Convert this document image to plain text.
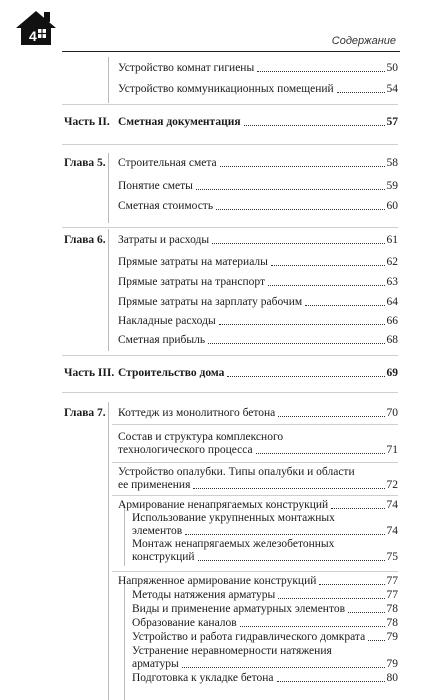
4	Содержание
Устройство комнат гигиены	50
Устройство коммуникационных помещений	54
Часть II. Сметная документация	57
Глава 5. Строительная смета	58
Понятие сметы	59
Сметная стоимость	60
Глава 6. Затраты и расходы	61
Прямые затраты на материалы	62
Прямые затраты на транспорт	63
Прямые затраты на зарплату рабочим	64
Накладные расходы	66
Сметная прибыль	68
Часть III. Строительство дома	69
Глава 7. Коттедж из монолитного бетона	70
Состав и структура комплексного
технологического процесса	71
Устройство опалубки. Типы опалубки и области
ее применения	72
Армирование ненапрягаемых конструкций	74
Использование укрупненных монтажных
элементов	74
Монтаж ненапрягаемых железобетонных
конструкций	75
Напряженное армирование конструкций	77
Методы натяжения арматуры	77
Виды и применение арматурных элементов	78
Образование каналов	78
Устройство и работа гидравлического домкрата 79
Устранение неравномерности натяжения
арматуры	79
Подготовка к укладке бетона	80
